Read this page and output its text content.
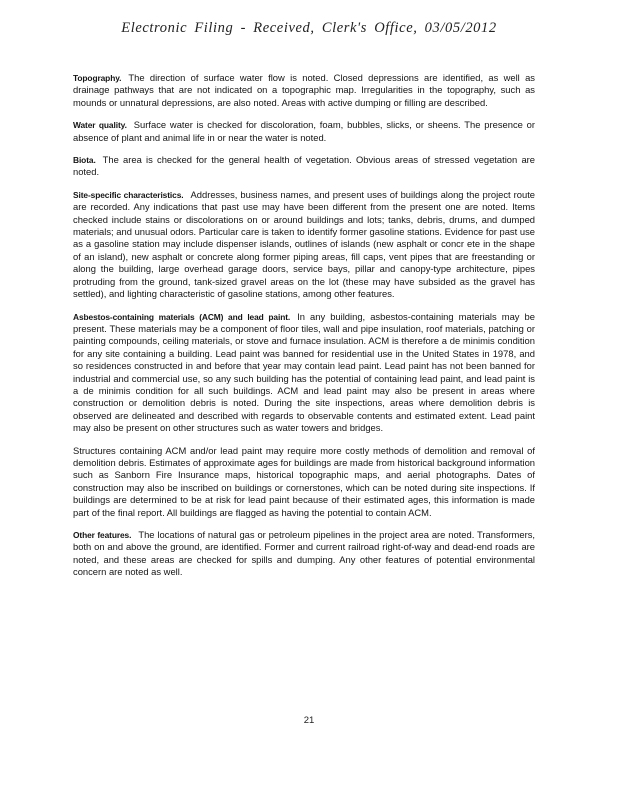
Electronic Filing - Received, Clerk's Office, 03/05/2012

Topography. The direction of surface water flow is noted. Closed depressions are identified, as well as drainage pathways that are not indicated on a topographic map. Irregularities in the topography, such as mounds or unnatural depressions, are also noted. Areas with active dumping or filling are described.

Water quality. Surface water is checked for discoloration, foam, bubbles, slicks, or sheens. The presence or absence of plant and animal life in or near the water is noted.

Biota. The area is checked for the general health of vegetation. Obvious areas of stressed vegetation are noted.

Site-specific characteristics. Addresses, business names, and present uses of buildings along the project route are recorded. Any indications that past use may have been different from the present one are noted. Items checked include stains or discolorations on or around buildings and lots; tanks, debris, drums, and dumped materials; and unusual odors. Particular care is taken to identify former gasoline stations. Evidence for past use as a gasoline station may include dispenser islands, outlines of islands (new asphalt or concr ete in the shape of an island), new asphalt or concrete along former piping areas, fill caps, vent pipes that are freestanding or along the building, large overhead garage doors, service bays, pillar and canopy-type architecture, pipes protruding from the ground, tank-sized gravel areas on the lot (these may have subsided as the gravel has settled), and lighting characteristic of gasoline stations, among other features.

Asbestos-containing materials (ACM) and lead paint. In any building, asbestos-containing materials may be present. These materials may be a component of floor tiles, wall and pipe insulation, roof materials, patching or painting compounds, ceiling materials, or stove and furnace insulation. ACM is therefore a de minimis condition for any site containing a building. Lead paint was banned for residential use in the United States in 1978, and so residences constructed in and before that year may contain lead paint. Lead paint has not been banned for industrial and commercial use, so any such building has the potential of containing lead paint, and lead paint is a de minimis condition for all such buildings. ACM and lead paint may also be present in areas where construction or demolition debris is noted. During the site inspections, areas where demolition debris is observed are delineated and described with regards to observable contents and estimated extent. Lead paint may also be present on other structures such as water towers and bridges.

Structures containing ACM and/or lead paint may require more costly methods of demolition and removal of demolition debris. Estimates of approximate ages for buildings are made from historical background information such as Sanborn Fire Insurance maps, historical topographic maps, and aerial photographs. Dates of construction may also be inscribed on buildings or cornerstones, which can be noted during site inspections. If buildings are determined to be at risk for lead paint because of their estimated ages, this information is made part of the final report. All buildings are flagged as having the potential to contain ACM.

Other features. The locations of natural gas or petroleum pipelines in the project area are noted. Transformers, both on and above the ground, are identified. Former and current railroad right-of-way and dead-end roads are noted, and these areas are checked for spills and dumping. Any other features of potential environmental concern are noted as well.

21
